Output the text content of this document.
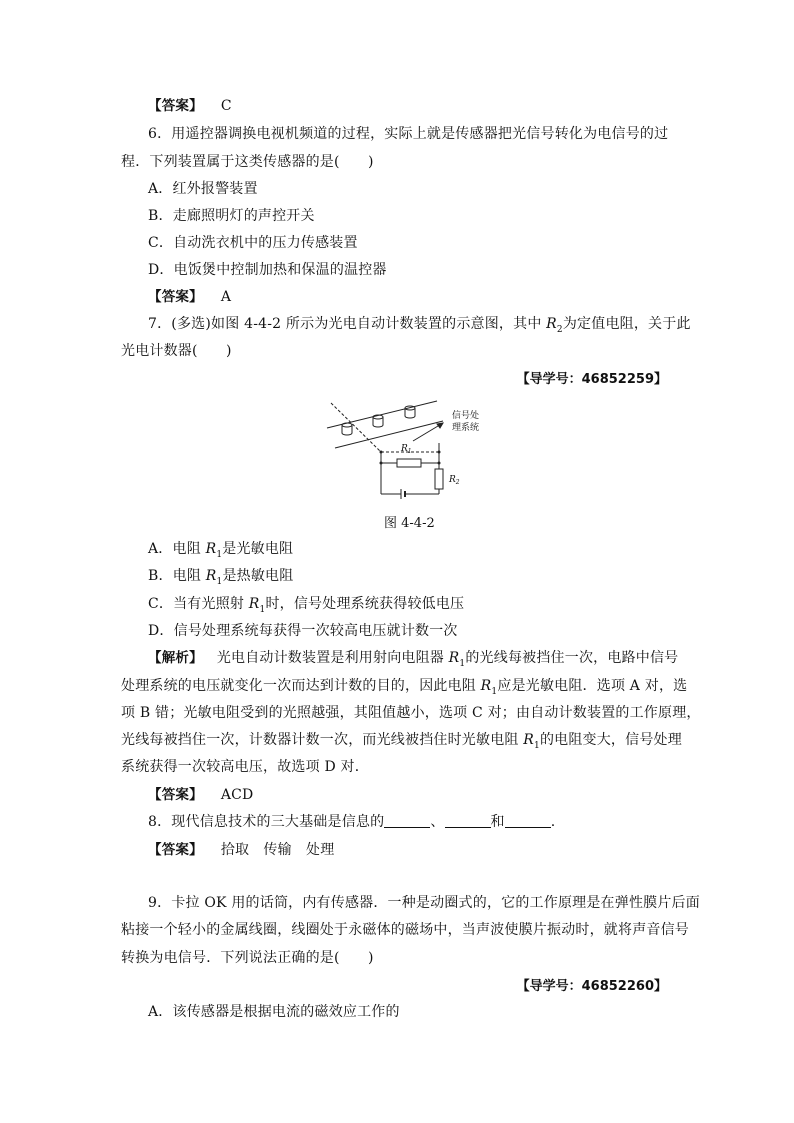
【答案】 C
6．用遥控器调换电视机频道的过程，实际上就是传感器把光信号转化为电信号的过
程．下列装置属于这类传感器的是(　　)
A．红外报警装置
B．走廊照明灯的声控开关
C．自动洗衣机中的压力传感装置
D．电饭煲中控制加热和保温的温控器
【答案】 A
7．(多选)如图 4-4-2 所示为光电自动计数装置的示意图，其中 $R_2$为定值电阻，关于此
光电计数器(　　)
【导学号：46852259】
信号处
理系统
$R_1$
$R_2$
图 4-4-2
A．电阻 $R_1$是光敏电阻
B．电阻 $R_1$是热敏电阻
C．当有光照射 $R_1$时，信号处理系统获得较低电压
D．信号处理系统每获得一次较高电压就计数一次
【解析】 光电自动计数装置是利用射向电阻器 $R_1$的光线每被挡住一次，电路中信号
处理系统的电压就变化一次而达到计数的目的，因此电阻 $R_1$应是光敏电阻．选项 A 对，选
项 B 错；光敏电阻受到的光照越强，其阻值越小，选项 C 对；由自动计数装置的工作原理，
光线每被挡住一次，计数器计数一次，而光线被挡住时光敏电阻 $R_1$的电阻变大，信号处理
系统获得一次较高电压，故选项 D 对．
【答案】 ACD
8．现代信息技术的三大基础是信息的	、	和	.
【答案】 拾取　传输　处理
9．卡拉 OK 用的话筒，内有传感器．一种是动圈式的，它的工作原理是在弹性膜片后面
粘接一个轻小的金属线圈，线圈处于永磁体的磁场中，当声波使膜片振动时，就将声音信号
转换为电信号．下列说法正确的是(　　)
【导学号：46852260】
A．该传感器是根据电流的磁效应工作的
